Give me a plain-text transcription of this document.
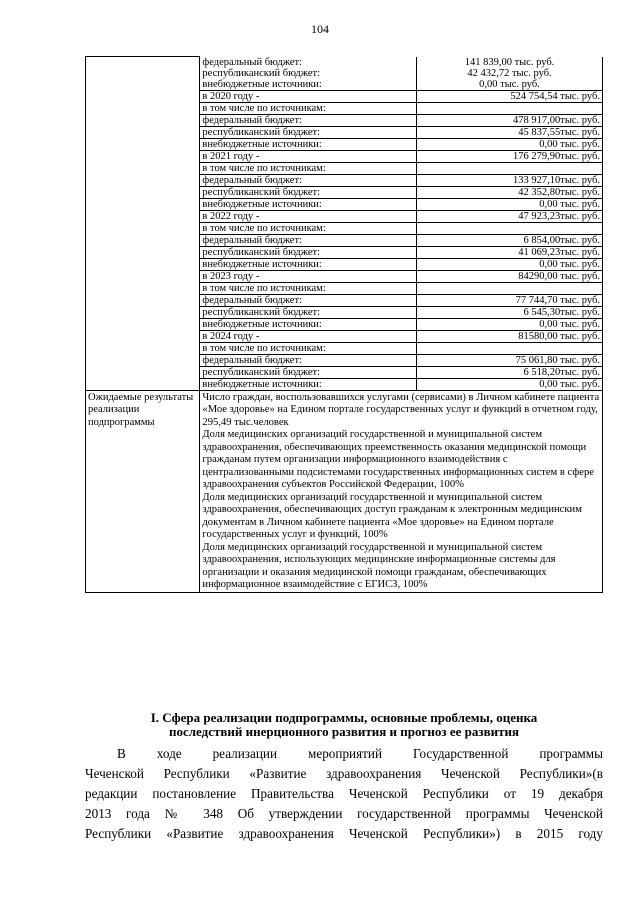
104
	федеральный бюджет:	141 839,00 тыс. руб.
	республиканский бюджет:	42 432,72 тыс. руб.
	внебюджетные источники:	0,00 тыс. руб.
	в 2020 году -	524 754,54 тыс. руб.
	в том числе по источникам:	
	федеральный бюджет:	478 917,00тыс. руб.
	республиканский бюджет:	45 837,55тыс. руб.
	внебюджетные источники:	0,00 тыс. руб.
	в 2021 году -	176 279,90тыс. руб.
	в том числе по источникам:	
	федеральный бюджет:	133 927,10тыс. руб.
	республиканский бюджет:	42 352,80тыс. руб.
	внебюджетные источники:	0,00 тыс. руб.
	в 2022 году -	47 923,23тыс. руб.
	в том числе по источникам:	
	федеральный бюджет:	6 854,00тыс. руб.
	республиканский бюджет:	41 069,23тыс. руб.
	внебюджетные источники:	0,00 тыс. руб.
	в 2023 году -	84290,00 тыс. руб.
	в том числе по источникам:	
	федеральный бюджет:	77 744,70 тыс. руб.
	республиканский бюджет:	6 545,30тыс. руб.
	внебюджетные источники:	0,00 тыс. руб.
	в 2024 году -	81580,00 тыс. руб.
	в том числе по источникам:	
	федеральный бюджет:	75 061,80 тыс. руб.
	республиканский бюджет:	6 518,20тыс. руб.
	внебюджетные источники:	0,00 тыс. руб.
Ожидаемые результаты реализации подпрограммы	Число граждан, воспользовавшихся услугами (сервисами) в Личном кабинете пациента «Мое здоровье» на Едином портале государственных услуг и функций в отчетном году, 295,49 тыс.человек

Доля медицинских организаций государственной и муниципальной систем здравоохранения, обеспечивающих преемственность оказания медицинской помощи гражданам путем организации информационного взаимодействия с централизованными подсистемами государственных информационных систем в сфере здравоохранения субъектов Российской Федерации, 100%

Доля медицинских организаций государственной и муниципальной систем здравоохранения, обеспечивающих доступ гражданам к электронным медицинским документам в Личном кабинете пациента «Мое здоровье» на Едином портале государственных услуг и функций, 100%

Доля медицинских организаций государственной и муниципальной систем здравоохранения, использующих медицинские информационные системы для организации и оказания медицинской помощи гражданам, обеспечивающих информационное взаимодействие с ЕГИСЗ, 100%	

I. Сфера реализации подпрограммы, основные проблемы, оценка
последствий инерционного развития и прогноз ее развития
В ходе реализации мероприятий Государственной программы
Чеченской Республики «Развитие здравоохранения Чеченской Республики»(в
редакции постановление Правительства Чеченской Республики от 19 декабря
2013 года № 348 Об утверждении государственной программы Чеченской
Республики «Развитие здравоохранения Чеченской Республики») в 2015 году
